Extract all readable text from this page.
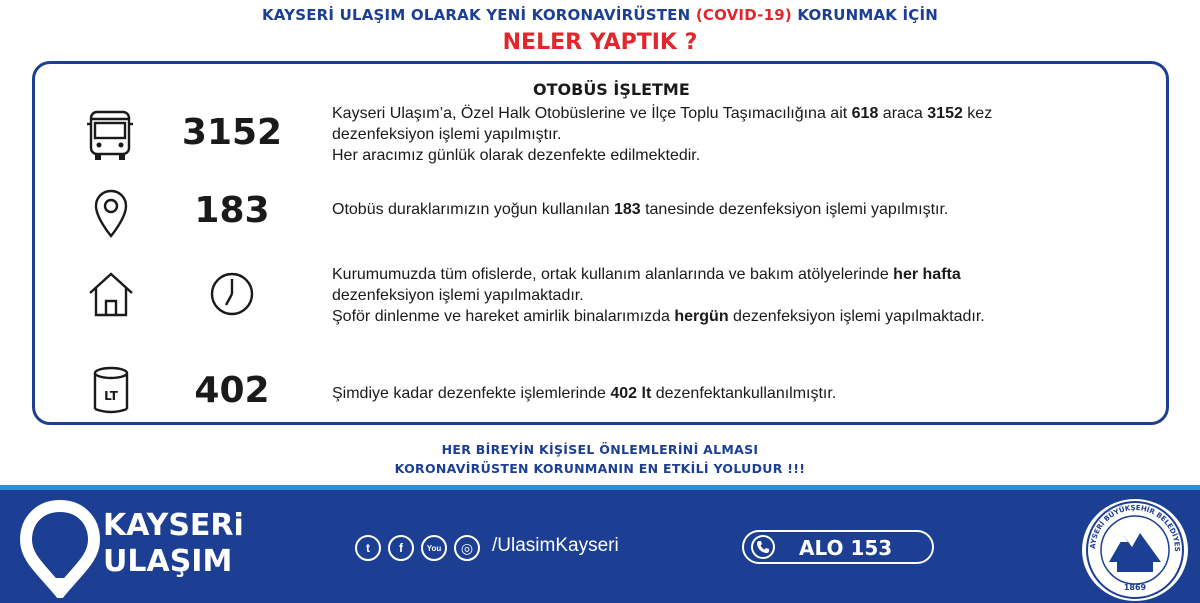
KAYSERİ ULAŞIM OLARAK YENİ KORONAVİRÜSTEN (COVID-19) KORUNMAK İÇİN
NELER YAPTIK ?
OTOBÜS İŞLETME
3152	Kayseri Ulaşım’a, Özel Halk Otobüslerine ve İlçe Toplu Taşımacılığına ait 618 araca 3152 kez
dezenfeksiyon işlemi yapılmıştır.
Her aracımız günlük olarak dezenfekte edilmektedir.
183	Otobüs duraklarımızın yoğun kullanılan 183 tanesinde dezenfeksiyon işlemi yapılmıştır.
Kurumumuzda tüm ofislerde, ortak kullanım alanlarında ve bakım atölyelerinde her hafta
dezenfeksiyon işlemi yapılmaktadır.
Şoför dinlenme ve hareket amirlik binalarımızda hergün dezenfeksiyon işlemi yapılmaktadır.
LT	402	Şimdiye kadar dezenfekte işlemlerinde 402 lt dezenfektankullanılmıştır.
HER BİREYİN KİŞİSEL ÖNLEMLERİNİ ALMASI
KORONAVİRÜSTEN KORUNMANIN EN ETKİLİ YOLUDUR !!!
KAYSERi
ULAŞIM	t	f	You	◎ /UlasimKayseri	ALO 153	AYSERİ BÜYÜKŞEHİR BELEDİYES
1869
